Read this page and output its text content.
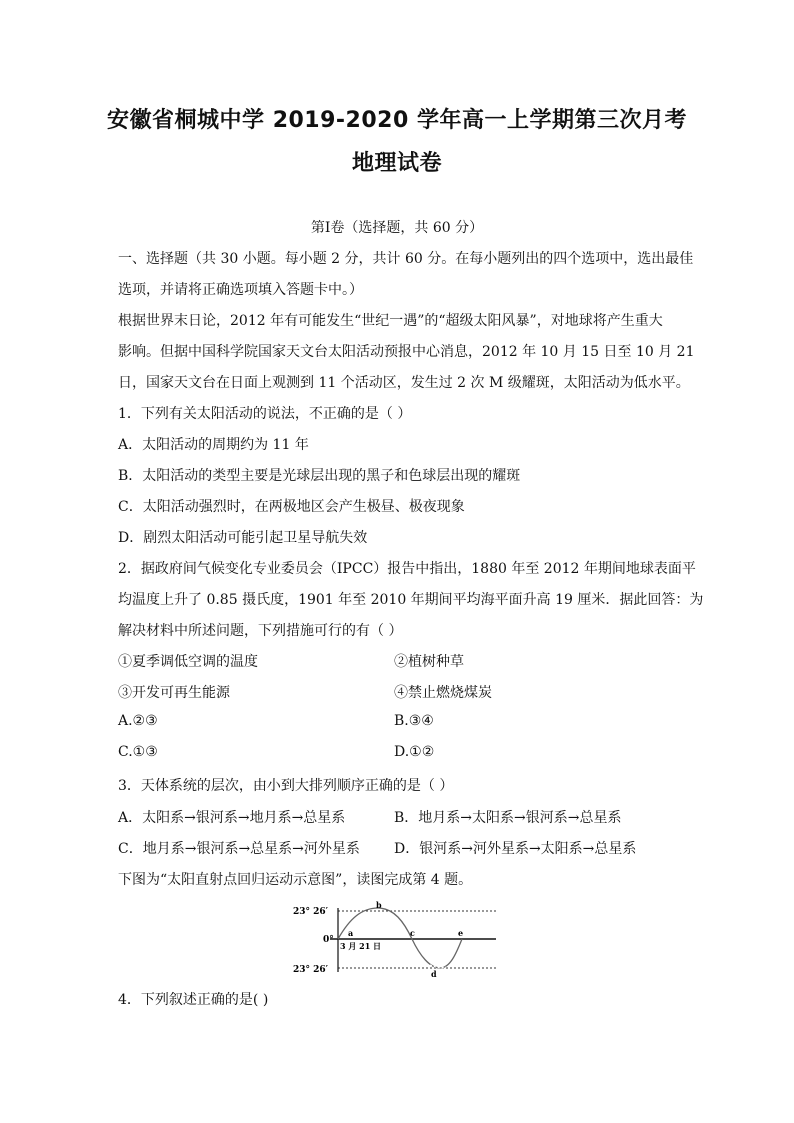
安徽省桐城中学 2019-2020 学年高一上学期第三次月考
地理试卷
第Ⅰ卷（选择题，共 60 分）
一、选择题（共 30 小题。每小题 2 分，共计 60 分。在每小题列出的四个选项中，选出最佳
选项，并请将正确选项填入答题卡中。）
根据世界末日论，2012 年有可能发生“世纪一遇”的“超级太阳风暴”，对地球将产生重大
影响。但据中国科学院国家天文台太阳活动预报中心消息，2012 年 10 月 15 日至 10 月 21
日，国家天文台在日面上观测到 11 个活动区，发生过 2 次 M 级耀斑，太阳活动为低水平。
1．下列有关太阳活动的说法，不正确的是（ ）
A．太阳活动的周期约为 11 年
B．太阳活动的类型主要是光球层出现的黑子和色球层出现的耀斑
C．太阳活动强烈时，在两极地区会产生极昼、极夜现象
D．剧烈太阳活动可能引起卫星导航失效
2．据政府间气候变化专业委员会（IPCC）报告中指出，1880 年至 2012 年期间地球表面平
均温度上升了 0.85 摄氏度，1901 年至 2010 年期间平均海平面升高 19 厘米．据此回答：为
解决材料中所述问题，下列措施可行的有（ ）
①夏季调低空调的温度	②植树种草
③开发可再生能源	④禁止燃烧煤炭
A.②③	B.③④
C.①③	D.①②
3．天体系统的层次，由小到大排列顺序正确的是（ ）
A．太阳系→银河系→地月系→总星系	B．地月系→太阳系→银河系→总星系
C．地月系→银河系→总星系→河外星系 D．银河系→河外星系→太阳系→总星系
下图为“太阳直射点回归运动示意图”，读图完成第 4 题。
23° 26′
0°
23° 26′
3 月 21 日
a
b
c
d
e
4．下列叙述正确的是( )
